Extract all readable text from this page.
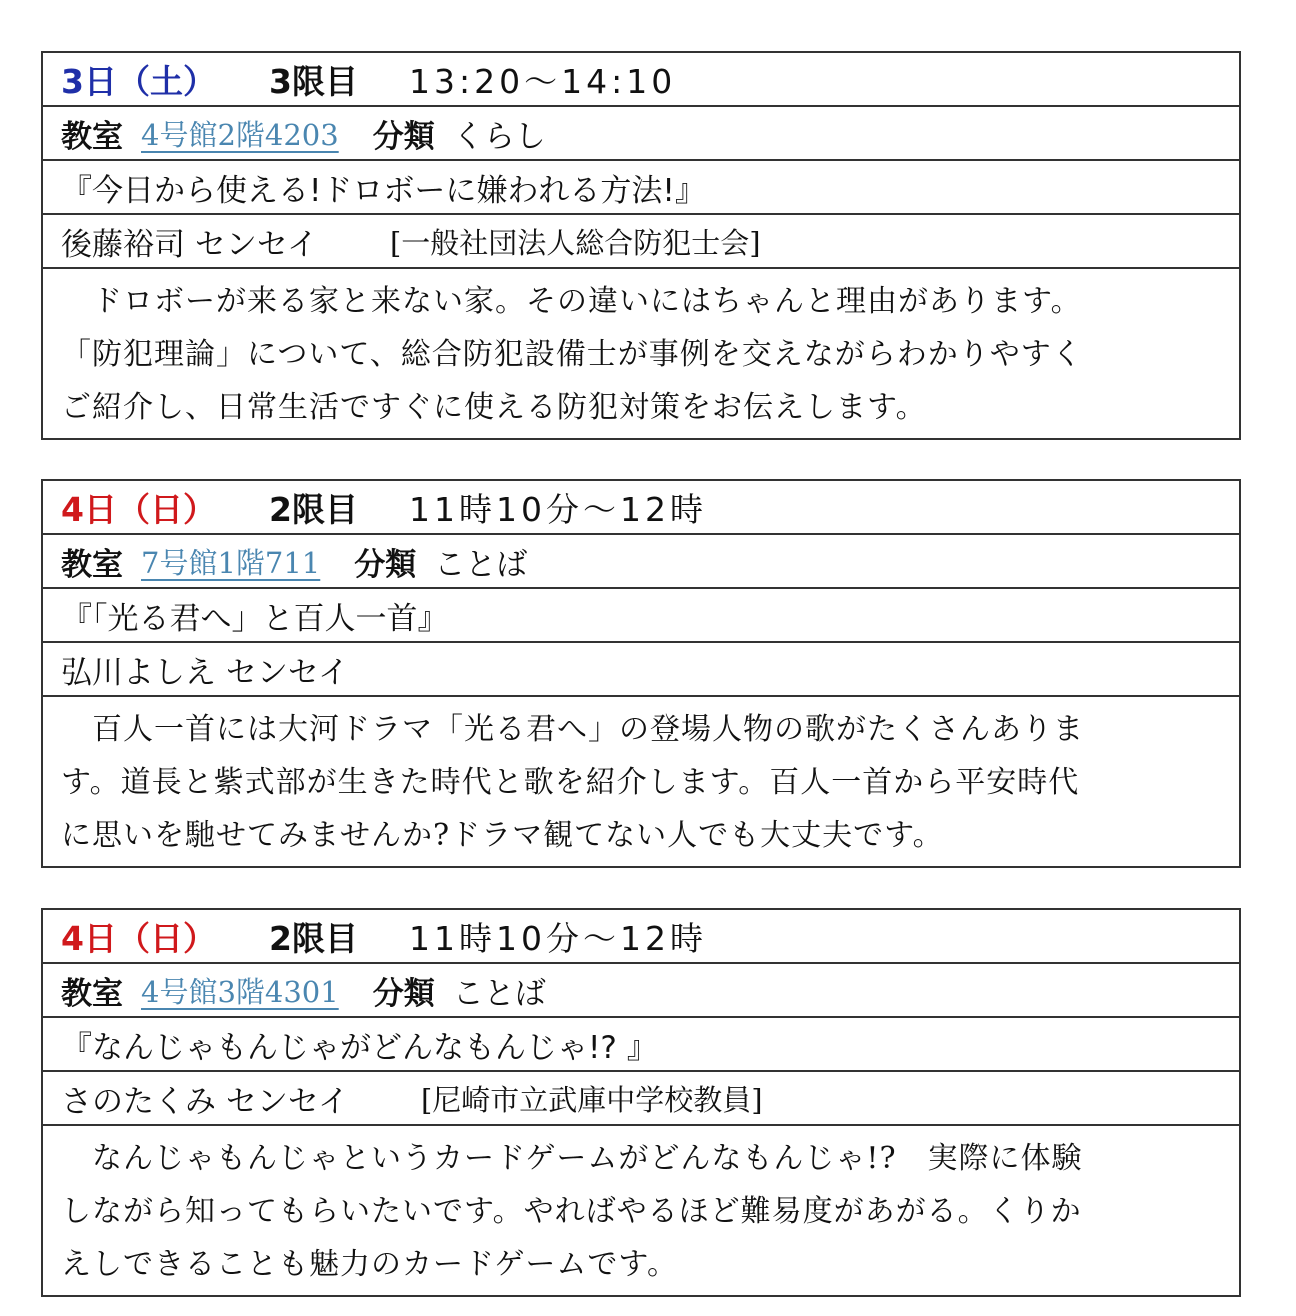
3日（土）	3限目	13:20～14:10
教室 4号館2階4203 分類 くらし
『今日から使える!ドロボーに嫌われる方法!』
後藤裕司 センセイ [一般社団法人総合防犯士会]
　ドロボーが来る家と来ない家。その違いにはちゃんと理由があります。
「防犯理論」について、総合防犯設備士が事例を交えながらわかりやすく
ご紹介し、日常生活ですぐに使える防犯対策をお伝えします。
4日（日）	2限目	11時10分～12時
教室 7号館1階711 分類 ことば
『「光る君へ」と百人一首』
弘川よしえ センセイ
　百人一首には大河ドラマ「光る君へ」の登場人物の歌がたくさんありま
す。道長と紫式部が生きた時代と歌を紹介します。百人一首から平安時代
に思いを馳せてみませんか?ドラマ観てない人でも大丈夫です。
4日（日）	2限目	11時10分～12時
教室 4号館3階4301 分類 ことば
『なんじゃもんじゃがどんなもんじゃ!? 』
さのたくみ センセイ [尼崎市立武庫中学校教員]
　なんじゃもんじゃというカードゲームがどんなもんじゃ!?　実際に体験
しながら知ってもらいたいです。やればやるほど難易度があがる。くりか
えしできることも魅力のカードゲームです。
